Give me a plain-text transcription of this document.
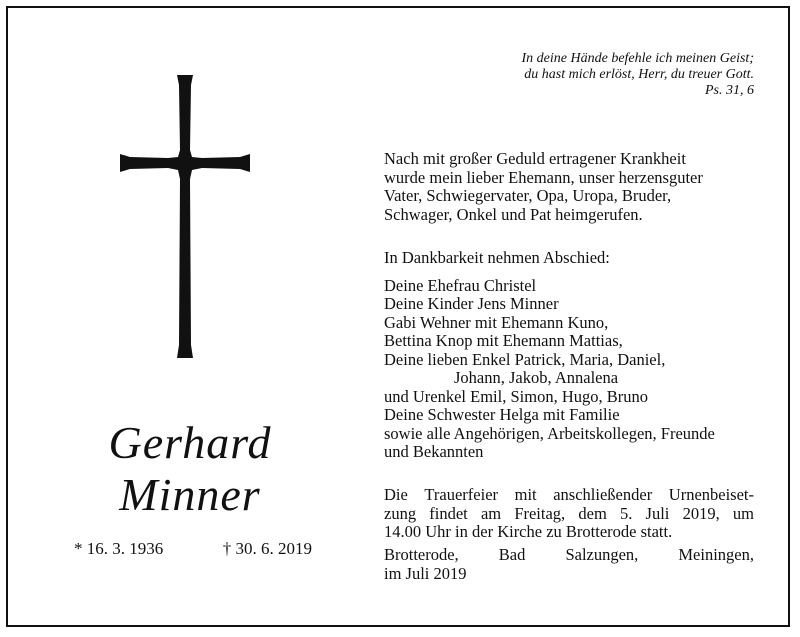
In deine Hände befehle ich meinen Geist;
du hast mich erlöst, Herr, du treuer Gott.
Ps. 31, 6
Gerhard
Minner
* 16. 3. 1936	† 30. 6. 2019
Nach mit großer Geduld ertragener Krankheit
wurde mein lieber Ehemann, unser herzensguter
Vater, Schwiegervater, Opa, Uropa, Bruder,
Schwager, Onkel und Pat heimgerufen.
In Dankbarkeit nehmen Abschied:
Deine Ehefrau Christel
Deine Kinder Jens Minner
Gabi Wehner mit Ehemann Kuno,
Bettina Knop mit Ehemann Mattias,
Deine lieben Enkel Patrick, Maria, Daniel,
Johann, Jakob, Annalena
und Urenkel Emil, Simon, Hugo, Bruno
Deine Schwester Helga mit Familie
sowie alle Angehörigen, Arbeitskollegen, Freunde
und Bekannten
Die Trauerfeier mit anschließender Urnenbeiset-
zung findet am Freitag, dem 5. Juli 2019, um
14.00 Uhr in der Kirche zu Brotterode statt.
Brotterode, Bad Salzungen, Meiningen,
im Juli 2019
